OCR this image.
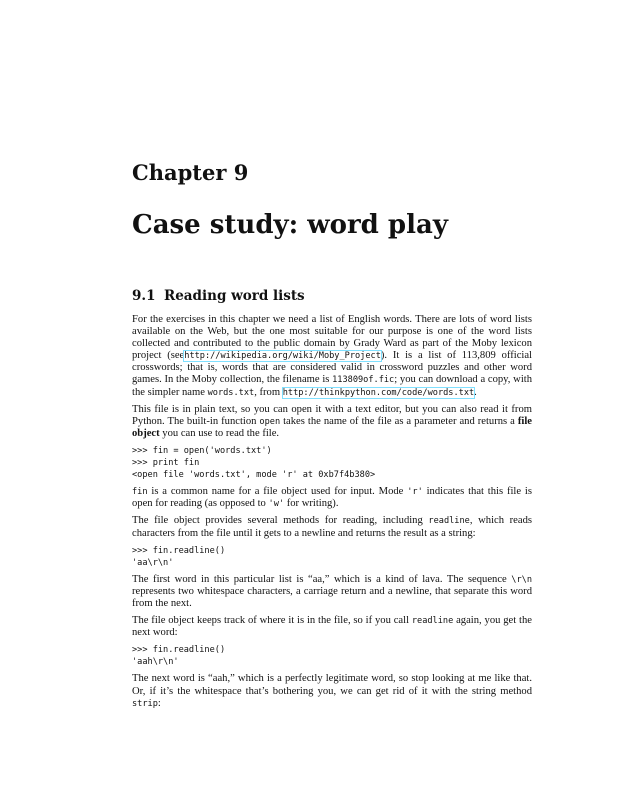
Chapter 9
Case study: word play
9.1 Reading word lists

For the exercises in this chapter we need a list of English words. There are lots of word lists available on the Web, but the one most suitable for our purpose is one of the word lists collected and contributed to the public domain by Grady Ward as part of the Moby lexicon project (seehttp://wikipedia.org/wiki/Moby_Project). It is a list of 113,809 official crosswords; that is, words that are considered valid in crossword puzzles and other word games. In the Moby collection, the filename is 113809of.fic; you can download a copy, with the simpler name words.txt, from http://thinkpython.com/code/words.txt.

This file is in plain text, so you can open it with a text editor, but you can also read it from Python. The built-in function open takes the name of the file as a parameter and returns a file object you can use to read the file.

>>> fin = open('words.txt')
>>> print fin
<open file 'words.txt', mode 'r' at 0xb7f4b380>

fin is a common name for a file object used for input. Mode 'r' indicates that this file is open for reading (as opposed to 'w' for writing).

The file object provides several methods for reading, including readline, which reads characters from the file until it gets to a newline and returns the result as a string:

>>> fin.readline()
'aa\r\n'

The first word in this particular list is “aa,” which is a kind of lava. The sequence \r\n represents two whitespace characters, a carriage return and a newline, that separate this word from the next.

The file object keeps track of where it is in the file, so if you call readline again, you get the next word:

>>> fin.readline()
'aah\r\n'

The next word is “aah,” which is a perfectly legitimate word, so stop looking at me like that. Or, if it’s the whitespace that’s bothering you, we can get rid of it with the string method strip:
